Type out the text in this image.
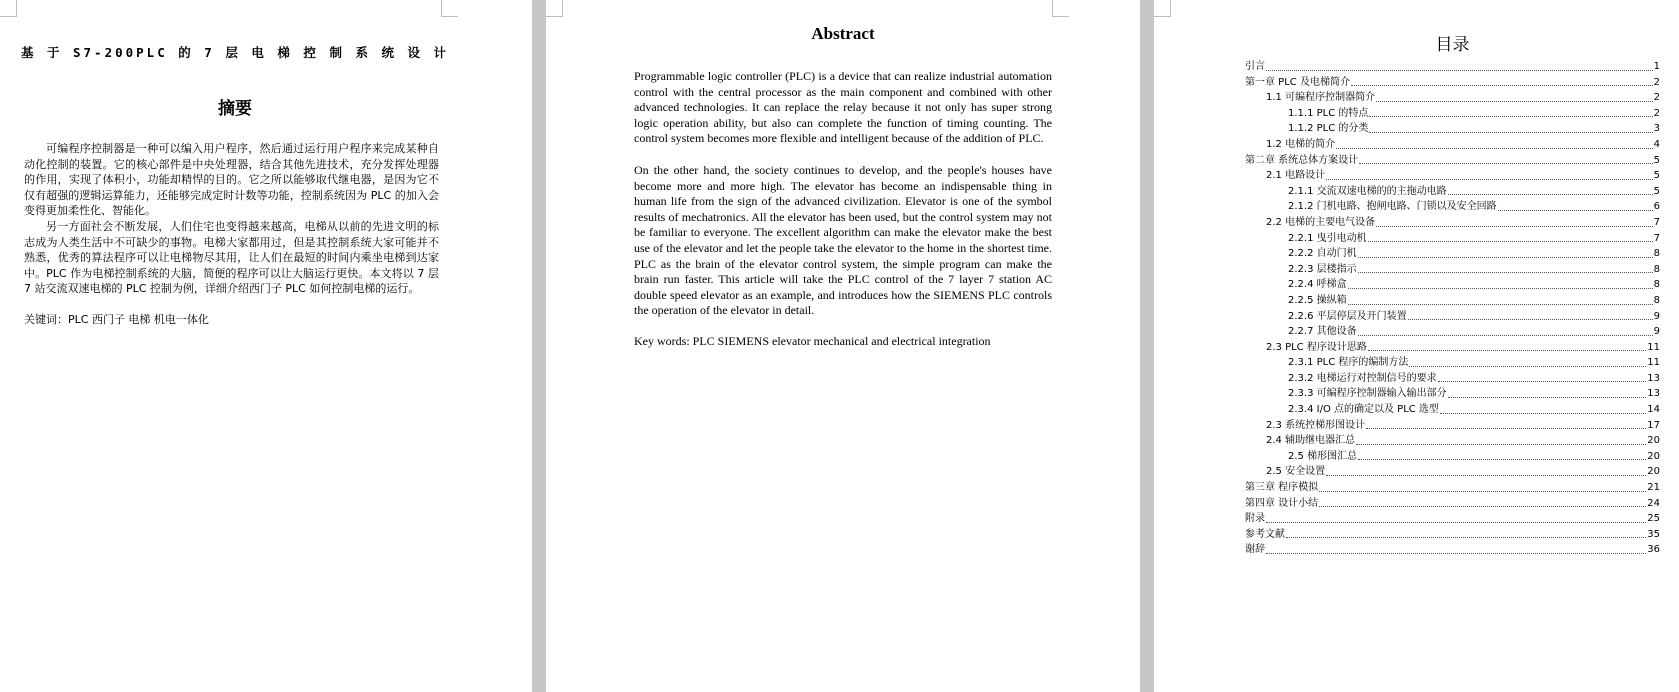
基 于 S7-200PLC 的 7 层 电 梯 控 制 系 统 设 计
摘要

可编程序控制器是一种可以编入用户程序，然后通过运行用户程序来完成某种自动化控制的装置。它的核心部件是中央处理器，结合其他先进技术，充分发挥处理器的作用，实现了体积小，功能却精悍的目的。它之所以能够取代继电器，是因为它不仅有超强的逻辑运算能力，还能够完成定时计数等功能，控制系统因为 PLC 的加入会变得更加柔性化、智能化。

另一方面社会不断发展，人们住宅也变得越来越高，电梯从以前的先进文明的标志成为人类生活中不可缺少的事物。电梯大家都用过，但是其控制系统大家可能并不熟悉，优秀的算法程序可以让电梯物尽其用，让人们在最短的时间内乘坐电梯到达家中。PLC 作为电梯控制系统的大脑，简便的程序可以让大脑运行更快。本文将以 7 层 7 站交流双速电梯的 PLC 控制为例，详细介绍西门子 PLC 如何控制电梯的运行。

关键词：PLC 西门子 电梯 机电一体化
Abstract

Programmable logic controller (PLC) is a device that can realize industrial automation control with the central processor as the main component and combined with other advanced technologies. It can replace the relay because it not only has super strong logic operation ability, but also can complete the function of timing counting. The control system becomes more flexible and intelligent because of the addition of PLC.

On the other hand, the society continues to develop, and the people's houses have become more and more high. The elevator has become an indispensable thing in human life from the sign of the advanced civilization. Elevator is one of the symbol results of mechatronics. All the elevator has been used, but the control system may not be familiar to everyone. The excellent algorithm can make the elevator make the best use of the elevator and let the people take the elevator to the home in the shortest time. PLC as the brain of the elevator control system, the simple program can make the brain run faster. This article will take the PLC control of the 7 layer 7 station AC double speed elevator as an example, and introduces how the SIEMENS PLC controls the operation of the elevator in detail.

Key words: PLC SIEMENS elevator mechanical and electrical integration

目录
引言	1
第一章 PLC 及电梯简介	2
1.1 可编程序控制器简介	2
1.1.1 PLC 的特点	2
1.1.2 PLC 的分类	3
1.2 电梯的简介	4
第二章 系统总体方案设计	5
2.1 电路设计	5
2.1.1 交流双速电梯的的主拖动电路	5
2.1.2 门机电路、抱闸电路、门锁以及安全回路	6
2.2 电梯的主要电气设备	7
2.2.1 曳引电动机	7
2.2.2 自动门机	8
2.2.3 层楼指示	8
2.2.4 呼梯盒	8
2.2.5 操纵箱	8
2.2.6 平层停层及开门装置	9
2.2.7 其他设备	9
2.3 PLC 程序设计思路	11
2.3.1 PLC 程序的编制方法	11
2.3.2 电梯运行对控制信号的要求	13
2.3.3 可编程序控制器输入输出部分	13
2.3.4 I/O 点的确定以及 PLC 选型	14
2.3 系统控梯形图设计	17
2.4 辅助继电器汇总	20
2.5 梯形图汇总	20
2.5 安全设置	20
第三章 程序模拟	21
第四章 设计小结	24
附录	25
参考文献	35
谢辞	36
